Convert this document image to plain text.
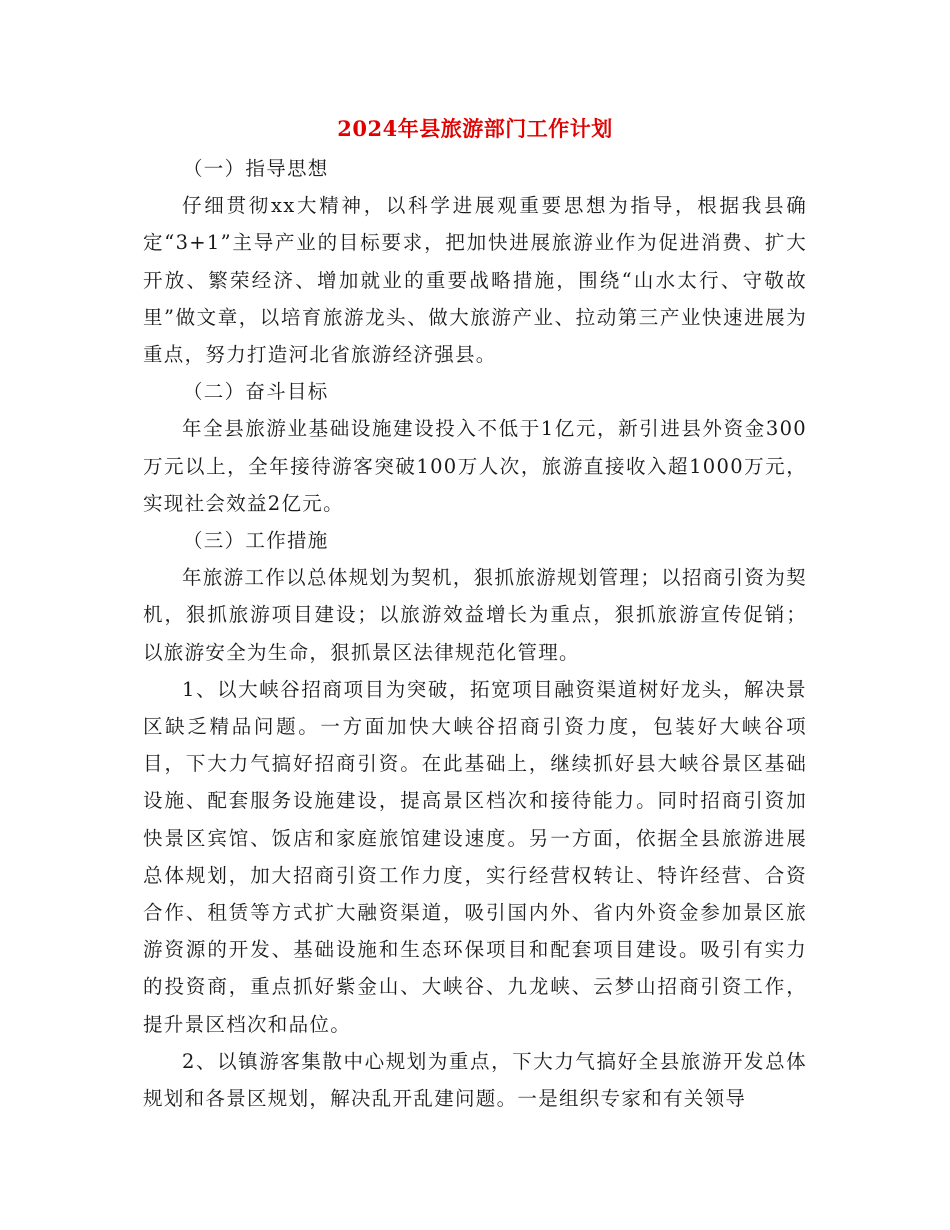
2024年县旅游部门工作计划
（一）指导思想

仔细贯彻xx大精神，以科学进展观重要思想为指导，根据我县确定“3+1”主导产业的目标要求，把加快进展旅游业作为促进消费、扩大开放、繁荣经济、增加就业的重要战略措施，围绕“山水太行、守敬故里”做文章，以培育旅游龙头、做大旅游产业、拉动第三产业快速进展为重点，努力打造河北省旅游经济强县。

（二）奋斗目标

年全县旅游业基础设施建设投入不低于1亿元，新引进县外资金300万元以上，全年接待游客突破100万人次，旅游直接收入超1000万元，实现社会效益2亿元。

（三）工作措施

年旅游工作以总体规划为契机，狠抓旅游规划管理；以招商引资为契机，狠抓旅游项目建设；以旅游效益增长为重点，狠抓旅游宣传促销；以旅游安全为生命，狠抓景区法律规范化管理。

1、以大峡谷招商项目为突破，拓宽项目融资渠道树好龙头，解决景区缺乏精品问题。一方面加快大峡谷招商引资力度，包装好大峡谷项目，下大力气搞好招商引资。在此基础上，继续抓好县大峡谷景区基础设施、配套服务设施建设，提高景区档次和接待能力。同时招商引资加快景区宾馆、饭店和家庭旅馆建设速度。另一方面，依据全县旅游进展总体规划，加大招商引资工作力度，实行经营权转让、特许经营、合资合作、租赁等方式扩大融资渠道，吸引国内外、省内外资金参加景区旅游资源的开发、基础设施和生态环保项目和配套项目建设。吸引有实力的投资商，重点抓好紫金山、大峡谷、九龙峡、云梦山招商引资工作，提升景区档次和品位。

2、以镇游客集散中心规划为重点，下大力气搞好全县旅游开发总体规划和各景区规划，解决乱开乱建问题。一是组织专家和有关领导
